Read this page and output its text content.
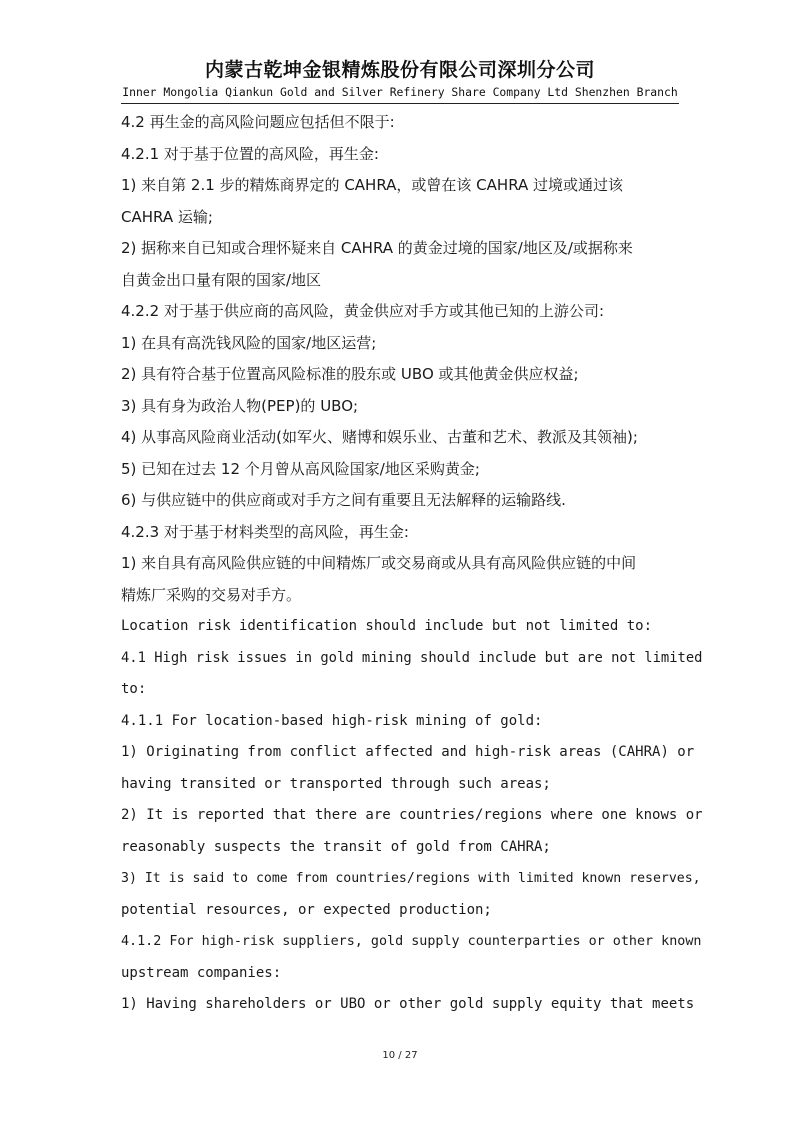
内蒙古乾坤金银精炼股份有限公司深圳分公司
Inner Mongolia Qiankun Gold and Silver Refinery Share Company Ltd Shenzhen Branch
4.2 再生金的高风险问题应包括但不限于:
4.2.1 对于基于位置的高风险，再生金:
1) 来自第 2.1 步的精炼商界定的 CAHRA，或曾在该 CAHRA 过境或通过该
CAHRA 运输;
2) 据称来自已知或合理怀疑来自 CAHRA 的黄金过境的国家/地区及/或据称来
自黄金出口量有限的国家/地区
4.2.2 对于基于供应商的高风险，黄金供应对手方或其他已知的上游公司:
1) 在具有高洗钱风险的国家/地区运营;
2) 具有符合基于位置高风险标准的股东或 UBO 或其他黄金供应权益;
3) 具有身为政治人物(PEP)的 UBO;
4) 从事高风险商业活动(如军火、赌博和娱乐业、古董和艺术、教派及其领袖);
5) 已知在过去 12 个月曾从高风险国家/地区采购黄金;
6) 与供应链中的供应商或对手方之间有重要且无法解释的运输路线.
4.2.3 对于基于材料类型的高风险，再生金:
1) 来自具有高风险供应链的中间精炼厂或交易商或从具有高风险供应链的中间
精炼厂采购的交易对手方。
Location risk identification should include but not limited to:
4.1 High risk issues in gold mining should include but are not limited
to:
4.1.1 For location-based high-risk mining of gold:
1) Originating from conflict affected and high-risk areas (CAHRA) or
having transited or transported through such areas;
2) It is reported that there are countries/regions where one knows or
reasonably suspects the transit of gold from CAHRA;
3) It is said to come from countries/regions with limited known reserves,
potential resources, or expected production;
4.1.2 For high-risk suppliers, gold supply counterparties or other known
upstream companies:
1) Having shareholders or UBO or other gold supply equity that meets
10 / 27
